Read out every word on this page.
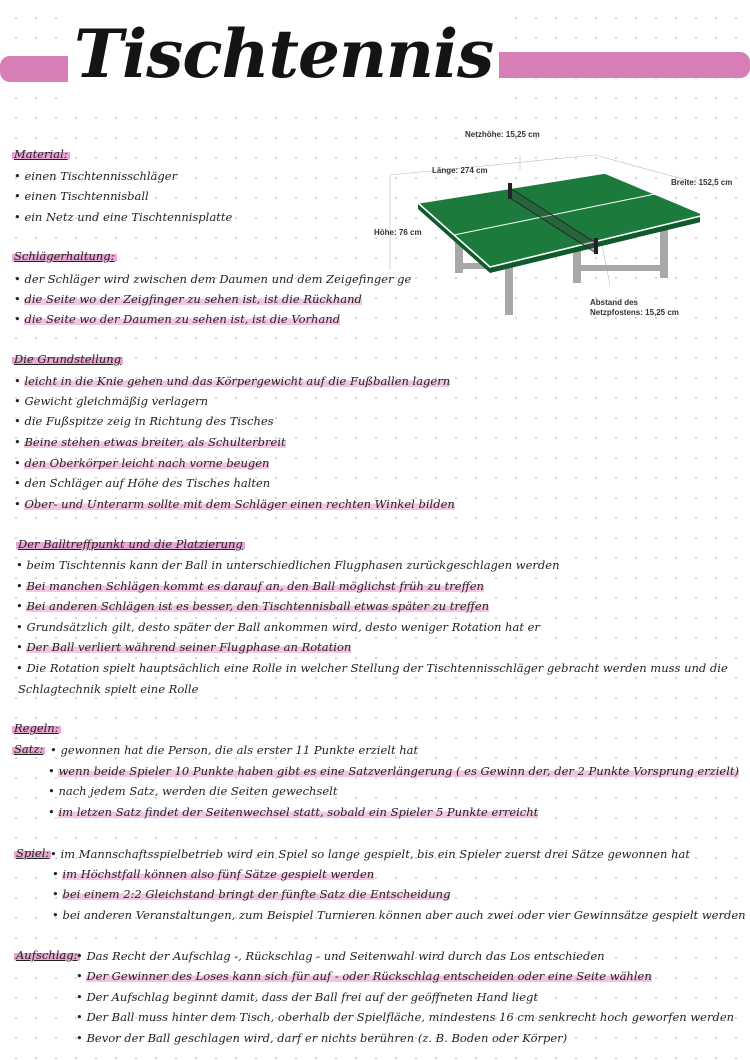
Tischtennis
Netzhöhe: 15,25 cm
Länge: 274 cm
Breite: 152,5 cm
Höhe: 76 cm
Abstand des
Netzpfostens: 15,25 cm
Material:
• einen Tischtennisschläger
• einen Tischtennisball
• ein Netz und eine Tischtennisplatte
Schlägerhaltung:
• der Schläger wird zwischen dem Daumen und dem Zeigefinger ge
• die Seite wo der Zeigfinger zu sehen ist, ist die Rückhand
• die Seite wo der Daumen zu sehen ist, ist die Vorhand
Die Grundstellung
• leicht in die Knie gehen und das Körpergewicht auf die Fußballen lagern
• Gewicht gleichmäßig verlagern
• die Fußspitze zeig in Richtung des Tisches
• Beine stehen etwas breiter, als Schulterbreit
• den Oberkörper leicht nach vorne beugen
• den Schläger auf Höhe des Tisches halten
• Ober- und Unterarm sollte mit dem Schläger einen rechten Winkel bilden
Der Balltreffpunkt und die Platzierung
• beim Tischtennis kann der Ball in unterschiedlichen Flugphasen zurückgeschlagen werden
• Bei manchen Schlägen kommt es darauf an, den Ball möglichst früh zu treffen
• Bei anderen Schlägen ist es besser, den Tischtennisball etwas später zu treffen
• Grundsätzlich gilt, desto später der Ball ankommen wird, desto weniger Rotation hat er
• Der Ball verliert während seiner Flugphase an Rotation
• Die Rotation spielt hauptsächlich eine Rolle in welcher Stellung der Tischtennisschläger gebracht werden muss und die
Schlagtechnik spielt eine Rolle
Regeln:
Satz:	• gewonnen hat die Person, die als erster 11 Punkte erzielt hat
• wenn beide Spieler 10 Punkte haben gibt es eine Satzverlängerung ( es Gewinn der, der 2 Punkte Vorsprung erzielt)
• nach jedem Satz, werden die Seiten gewechselt
• im letzen Satz findet der Seitenwechsel statt, sobald ein Spieler 5 Punkte erreicht
Spiel: • im Mannschaftsspielbetrieb wird ein Spiel so lange gespielt, bis ein Spieler zuerst drei Sätze gewonnen hat
• im Höchstfall können also fünf Sätze gespielt werden
• bei einem 2:2 Gleichstand bringt der fünfte Satz die Entscheidung
• bei anderen Veranstaltungen, zum Beispiel Turnieren können aber auch zwei oder vier Gewinnsätze gespielt werden
Aufschlag: • Das Recht der Aufschlag -, Rückschlag - und Seitenwahl wird durch das Los entschieden
• Der Gewinner des Loses kann sich für auf - oder Rückschlag entscheiden oder eine Seite wählen
• Der Aufschlag beginnt damit, dass der Ball frei auf der geöffneten Hand liegt
• Der Ball muss hinter dem Tisch, oberhalb der Spielfläche, mindestens 16 cm senkrecht hoch geworfen werden
• Bevor der Ball geschlagen wird, darf er nichts berühren (z. B. Boden oder Körper)
